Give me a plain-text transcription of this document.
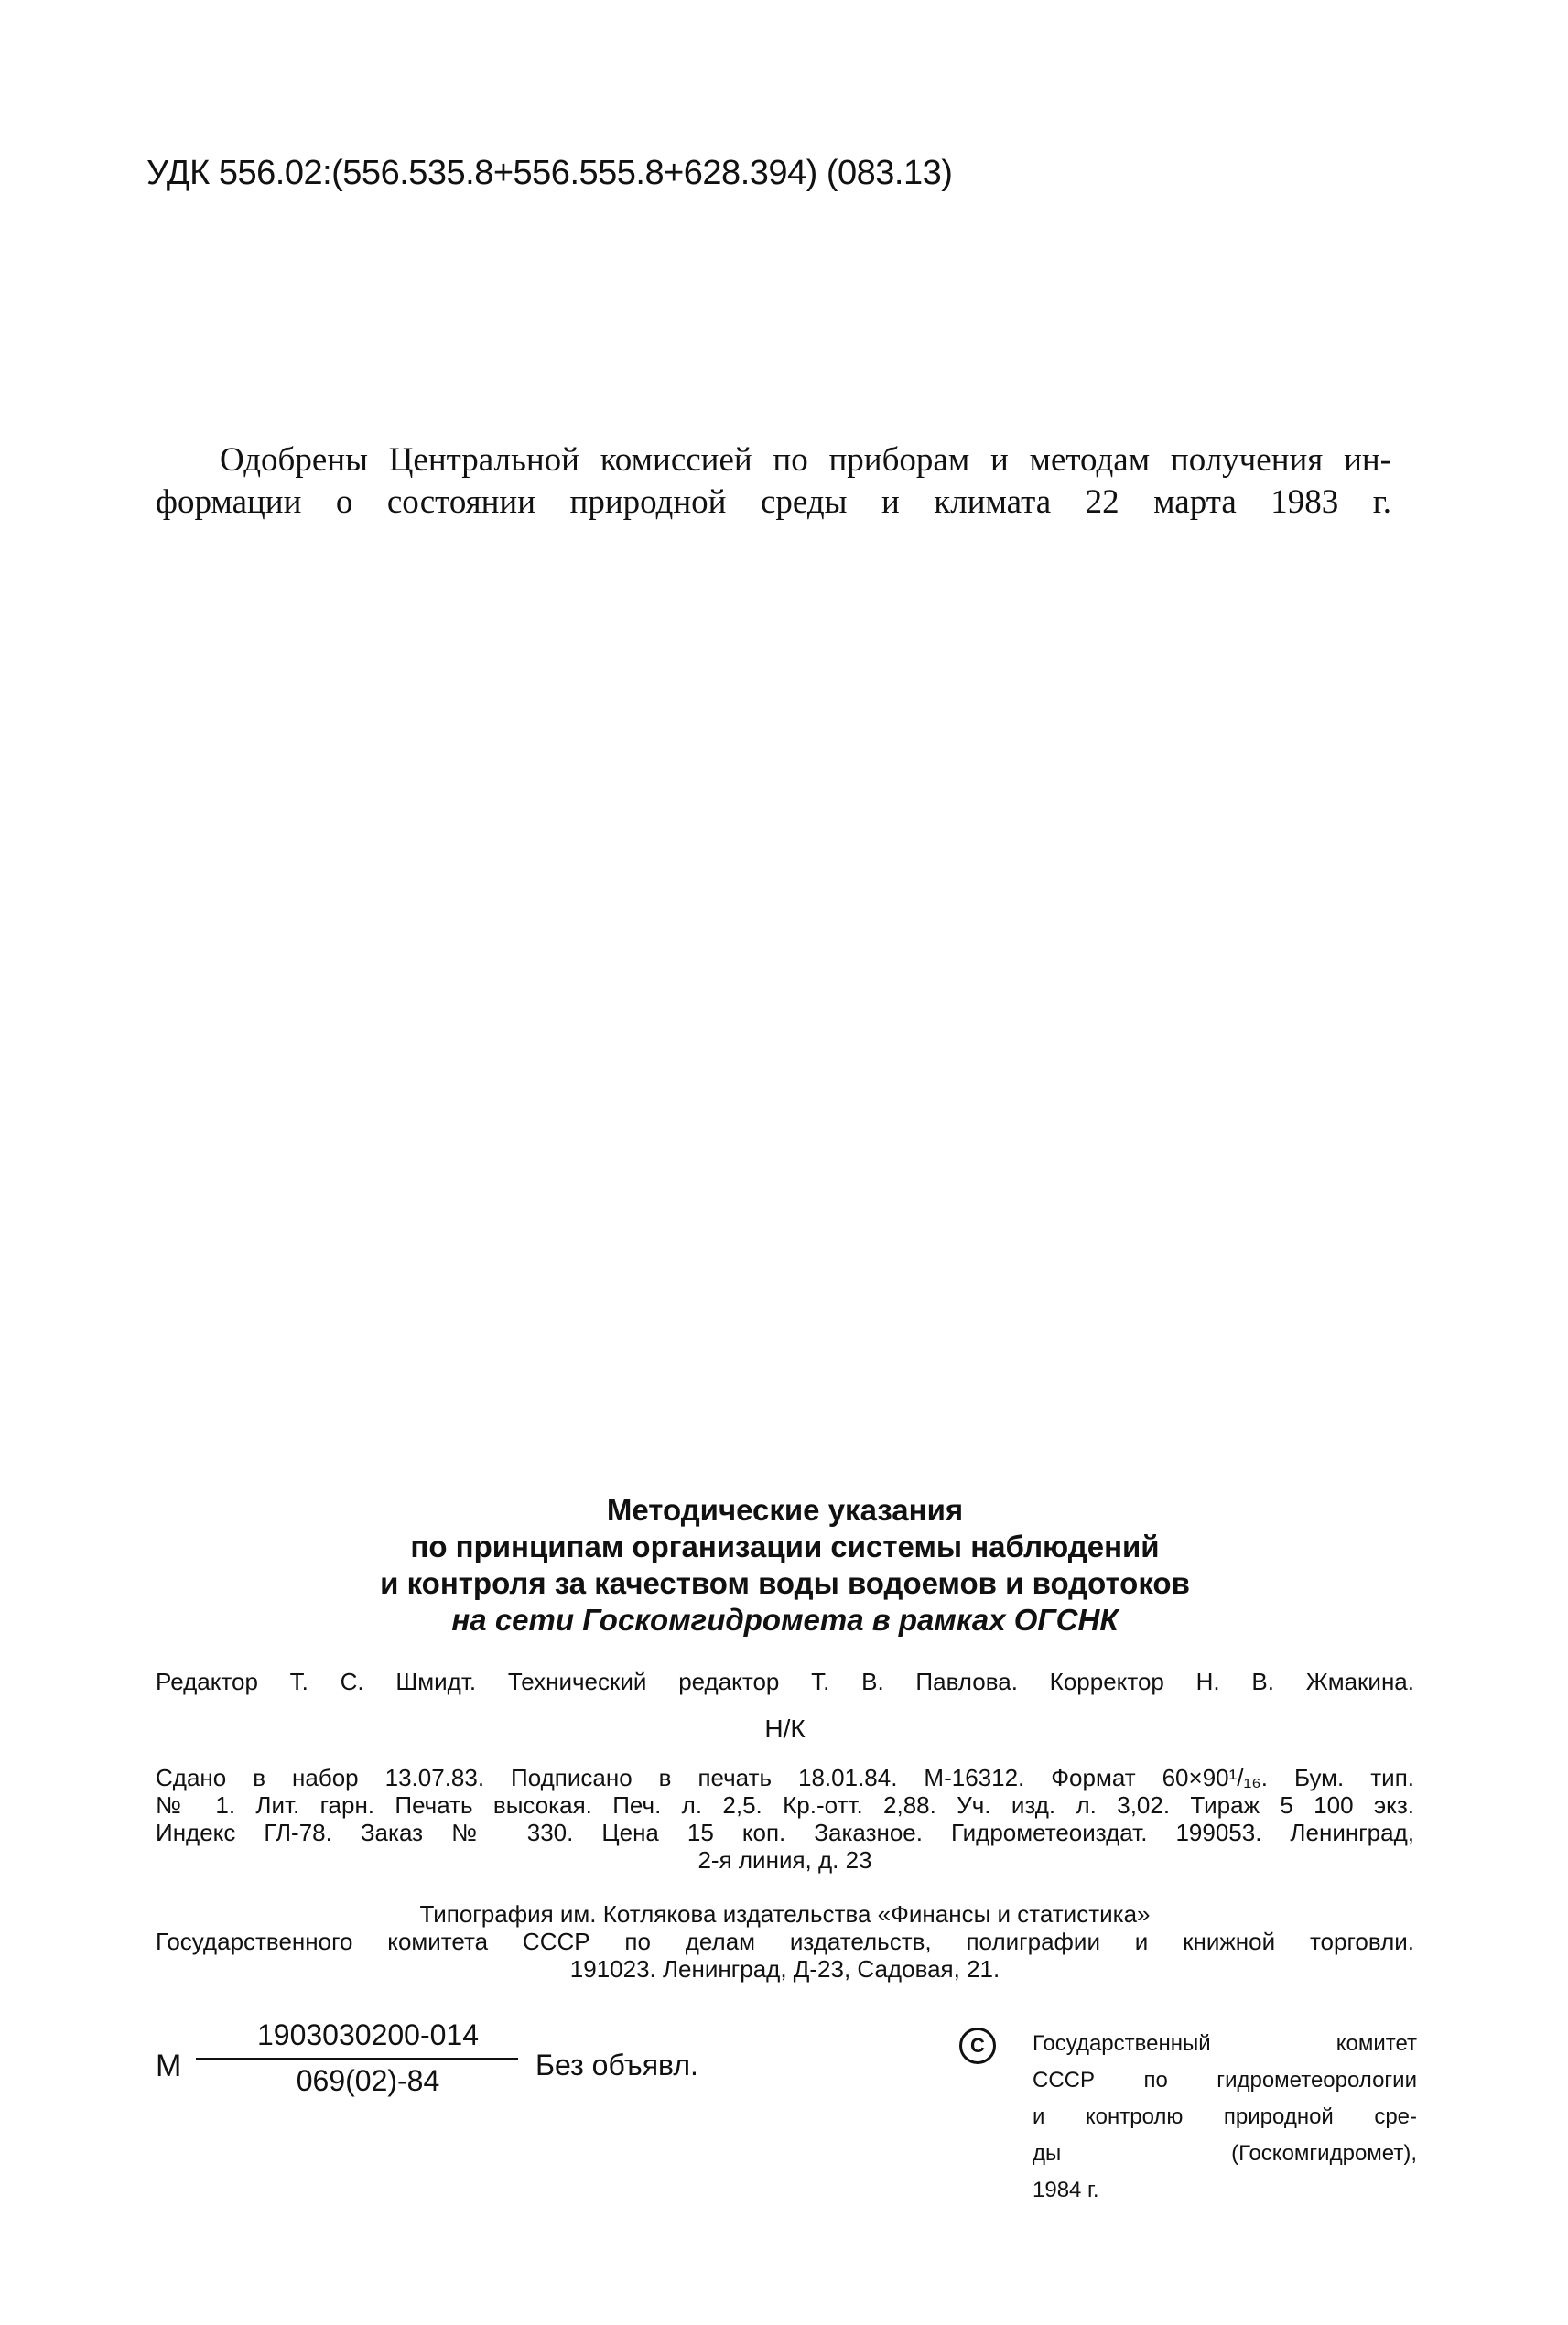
УДК 556.02:(556.535.8+556.555.8+628.394) (083.13)
Одобрены Центральной комиссией по приборам и методам получения ин-
формации о состоянии природной среды и климата 22 марта 1983 г.
Методические указания
по принципам организации системы наблюдений
и контроля за качеством воды водоемов и водотоков
на сети Госкомгидромета в рамках ОГСНК
Редактор Т. С. Шмидт. Технический редактор Т. В. Павлова. Корректор Н. В. Жмакина.
Н/К
Сдано в набор 13.07.83. Подписано в печать 18.01.84. М-16312. Формат 60×90¹/₁₆. Бум. тип.
№ 1. Лит. гарн. Печать высокая. Печ. л. 2,5. Кр.-отт. 2,88. Уч. изд. л. 3,02. Тираж 5 100 экз.
Индекс ГЛ-78. Заказ № 330. Цена 15 коп. Заказное. Гидрометеоиздат. 199053. Ленинград,
2-я линия, д. 23
Типография им. Котлякова издательства «Финансы и статистика»
Государственного комитета СССР по делам издательств, полиграфии и книжной торговли.
191023. Ленинград, Д-23, Садовая, 21.
М
1903030200-014
069(02)-84	Без объявл.
C	Государственный комитет
СССР по гидрометеорологии
и контролю природной сре-
ды (Госкомгидромет),
1984 г.
